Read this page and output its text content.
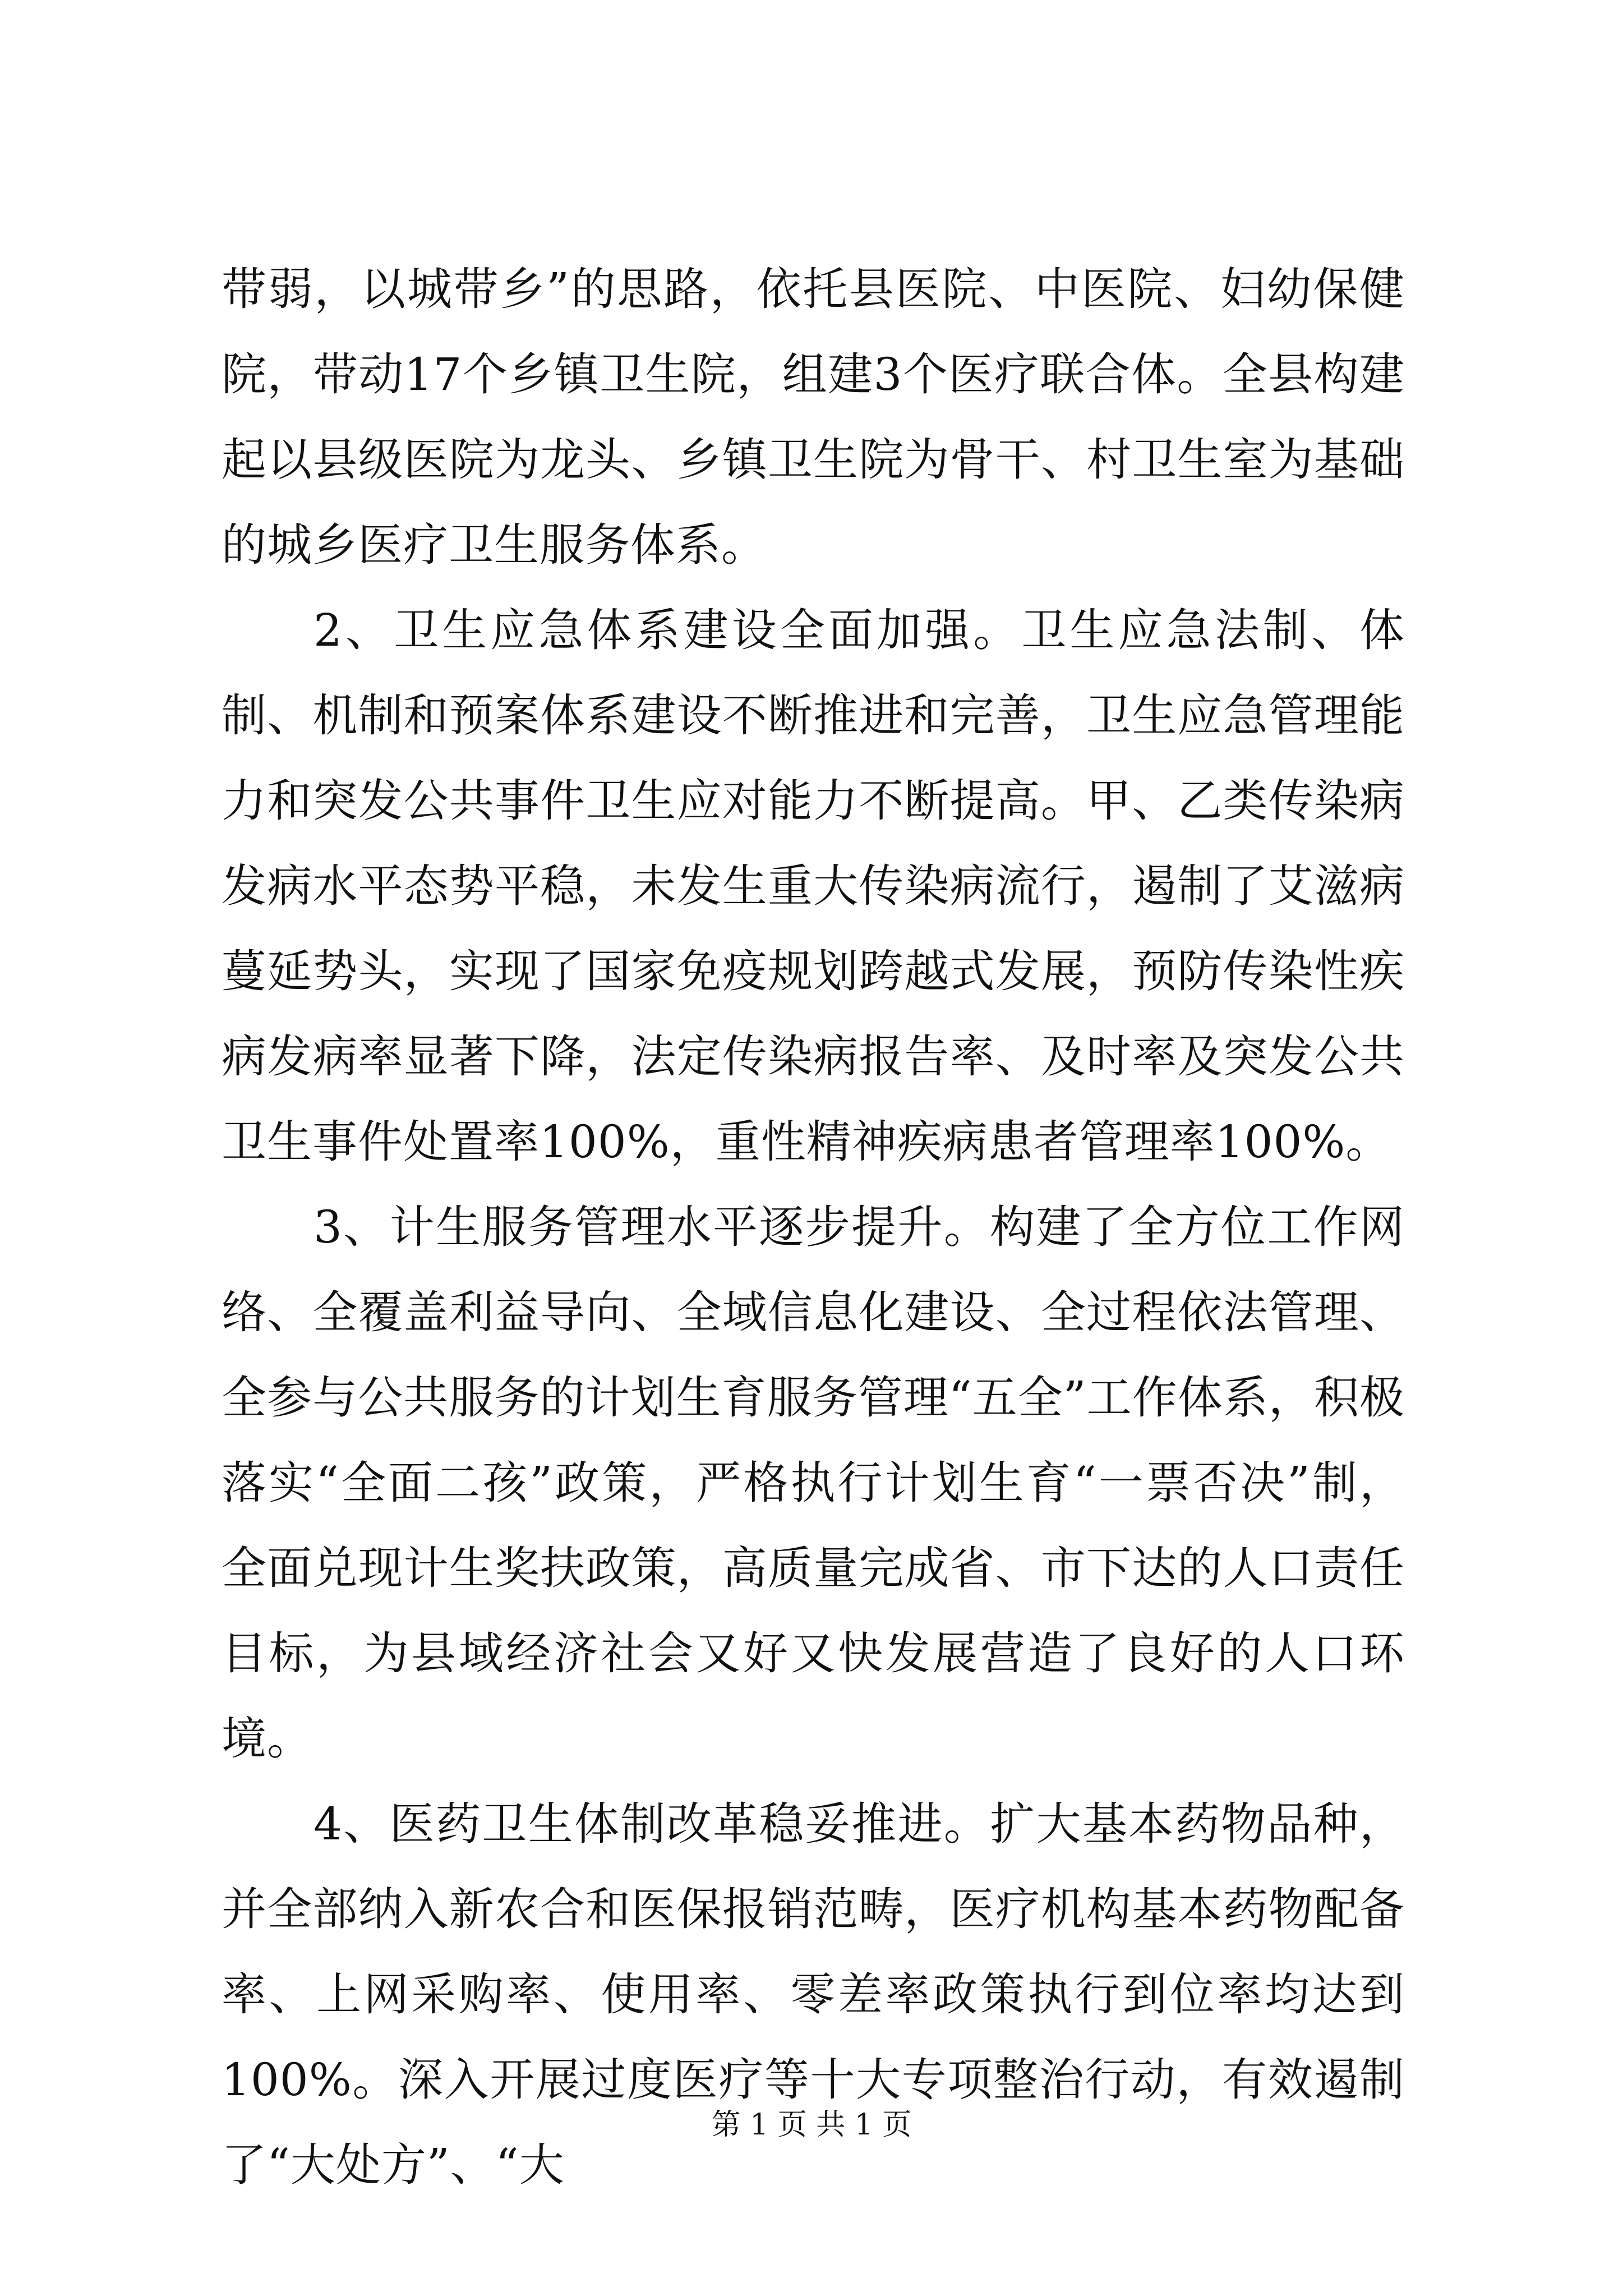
带弱，以城带乡”的思路，依托县医院、中医院、妇幼保健院，带动17个乡镇卫生院，组建3个医疗联合体。全县构建起以县级医院为龙头、乡镇卫生院为骨干、村卫生室为基础的城乡医疗卫生服务体系。

2、卫生应急体系建设全面加强。卫生应急法制、体制、机制和预案体系建设不断推进和完善，卫生应急管理能力和突发公共事件卫生应对能力不断提高。甲、乙类传染病发病水平态势平稳，未发生重大传染病流行，遏制了艾滋病蔓延势头，实现了国家免疫规划跨越式发展，预防传染性疾病发病率显著下降，法定传染病报告率、及时率及突发公共卫生事件处置率100%，重性精神疾病患者管理率100%。

3、计生服务管理水平逐步提升。构建了全方位工作网络、全覆盖利益导向、全域信息化建设、全过程依法管理、全参与公共服务的计划生育服务管理“五全”工作体系，积极落实“全面二孩”政策，严格执行计划生育“一票否决”制，全面兑现计生奖扶政策，高质量完成省、市下达的人口责任目标，为县域经济社会又好又快发展营造了良好的人口环境。

4、医药卫生体制改革稳妥推进。扩大基本药物品种，并全部纳入新农合和医保报销范畴，医疗机构基本药物配备率、上网采购率、使用率、零差率政策执行到位率均达到100%。深入开展过度医疗等十大专项整治行动，有效遏制了“大处方”、“大

第 1 页 共 1 页
